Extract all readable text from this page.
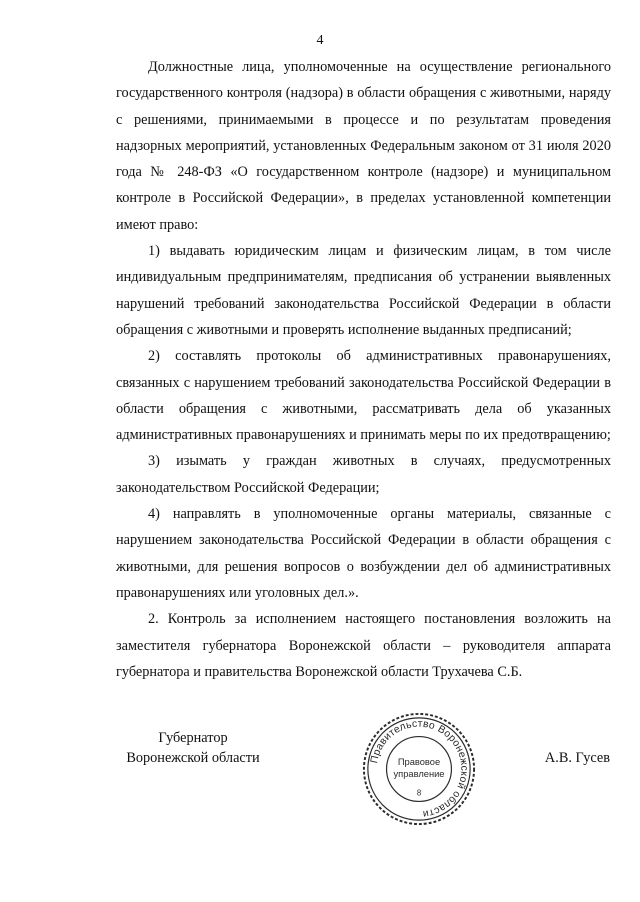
4

Должностные лица, уполномоченные на осуществление регионального государственного контроля (надзора) в области обращения с животными, наряду с решениями, принимаемыми в процессе и по результатам проведения надзорных мероприятий, установленных Федеральным законом от 31 июля 2020 года № 248-ФЗ «О государственном контроле (надзоре) и муниципальном контроле в Российской Федерации», в пределах установленной компетенции имеют право:

1) выдавать юридическим лицам и физическим лицам, в том числе индивидуальным предпринимателям, предписания об устранении выявленных нарушений требований законодательства Российской Федерации в области обращения с животными и проверять исполнение выданных предписаний;

2) составлять протоколы об административных правонарушениях, связанных с нарушением требований законодательства Российской Федерации в области обращения с животными, рассматривать дела об указанных административных правонарушениях и принимать меры по их предотвращению;

3) изымать у граждан животных в случаях, предусмотренных законодательством Российской Федерации;

4) направлять в уполномоченные органы материалы, связанные с нарушением законодательства Российской Федерации в области обращения с животными, для решения вопросов о возбуждении дел об административных правонарушениях или уголовных дел.».

2. Контроль за исполнением настоящего постановления возложить на заместителя губернатора Воронежской области – руководителя аппарата губернатора и правительства Воронежской области Трухачева С.Б.

Губернатор
Воронежской области	Правительство Воронежской области
Правовое
управление
8
А.В. Гусев
